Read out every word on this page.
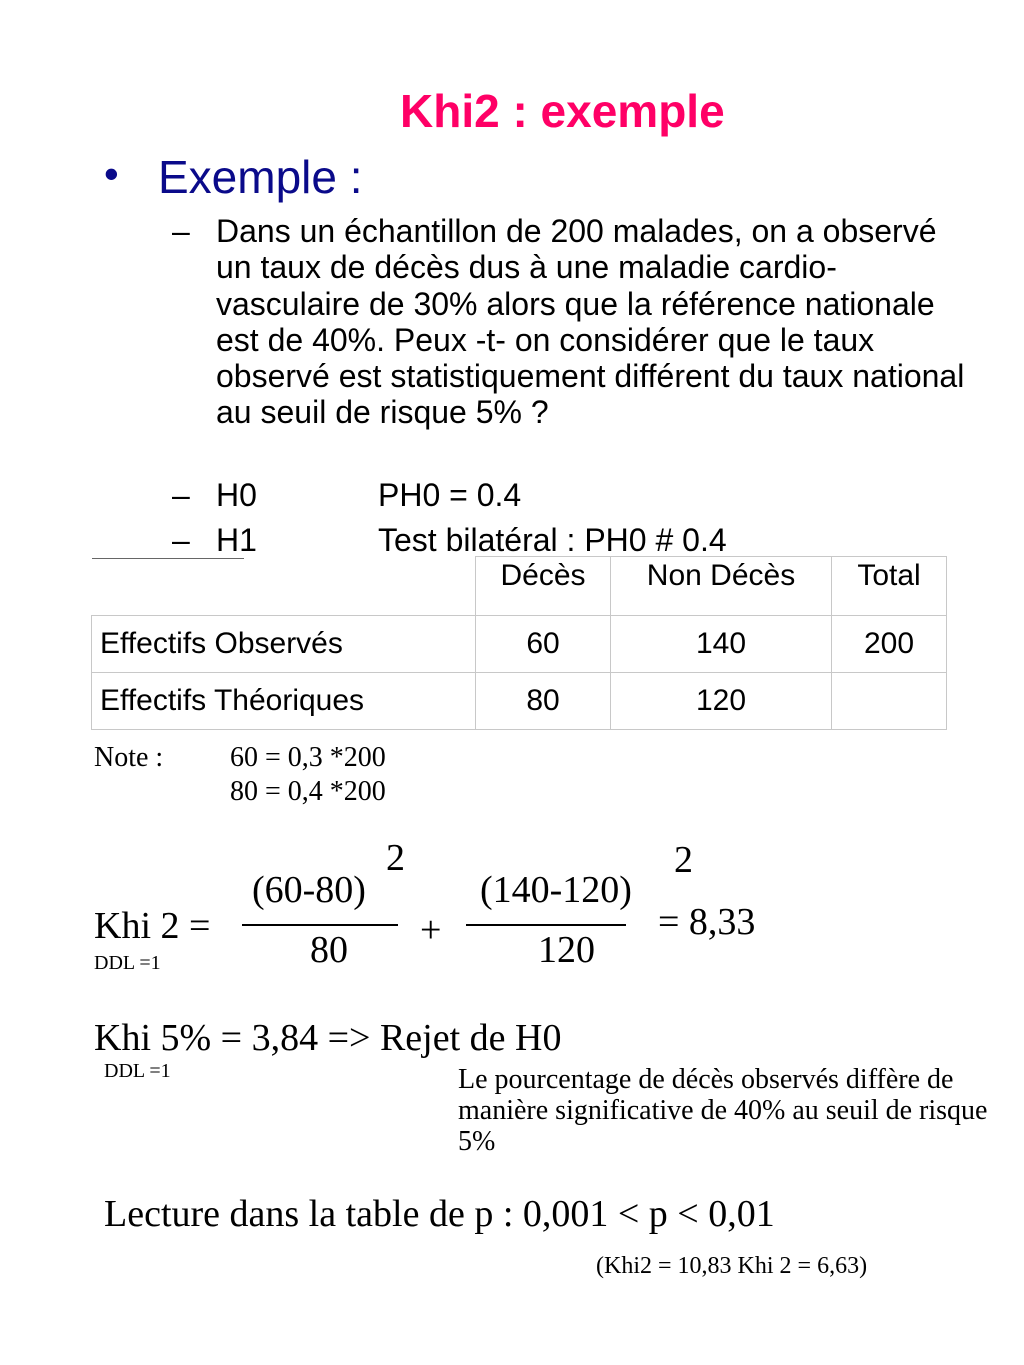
Khi2 : exemple
• Exemple :
– Dans un échantillon de 200 malades, on a observé un taux de décès dus à une maladie cardio-vasculaire de 30% alors que la référence nationale est de 40%. Peux -t- on considérer que le taux observé est statistiquement différent du taux national au seuil de risque 5% ?
– H0	PH0 = 0.4
– H1	Test bilatéral : PH0 # 0.4
	Décès	Non Décès	Total
Effectifs Observés	60	140	200
Effectifs Théoriques	80	120	
Note : 60 = 0,3 *200
80 = 0,4 *200
Khi 2 =
DDL =1
(60-80)
2
80 +
(140-120)
2
120
= 8,33
Khi 5% = 3,84 => Rejet de H0
DDL =1	Le pourcentage de décès observés diffère de manière significative de 40% au seuil de risque 5%
Lecture dans la table de p : 0,001 < p < 0,01
(Khi2 = 10,83 Khi 2 = 6,63)
